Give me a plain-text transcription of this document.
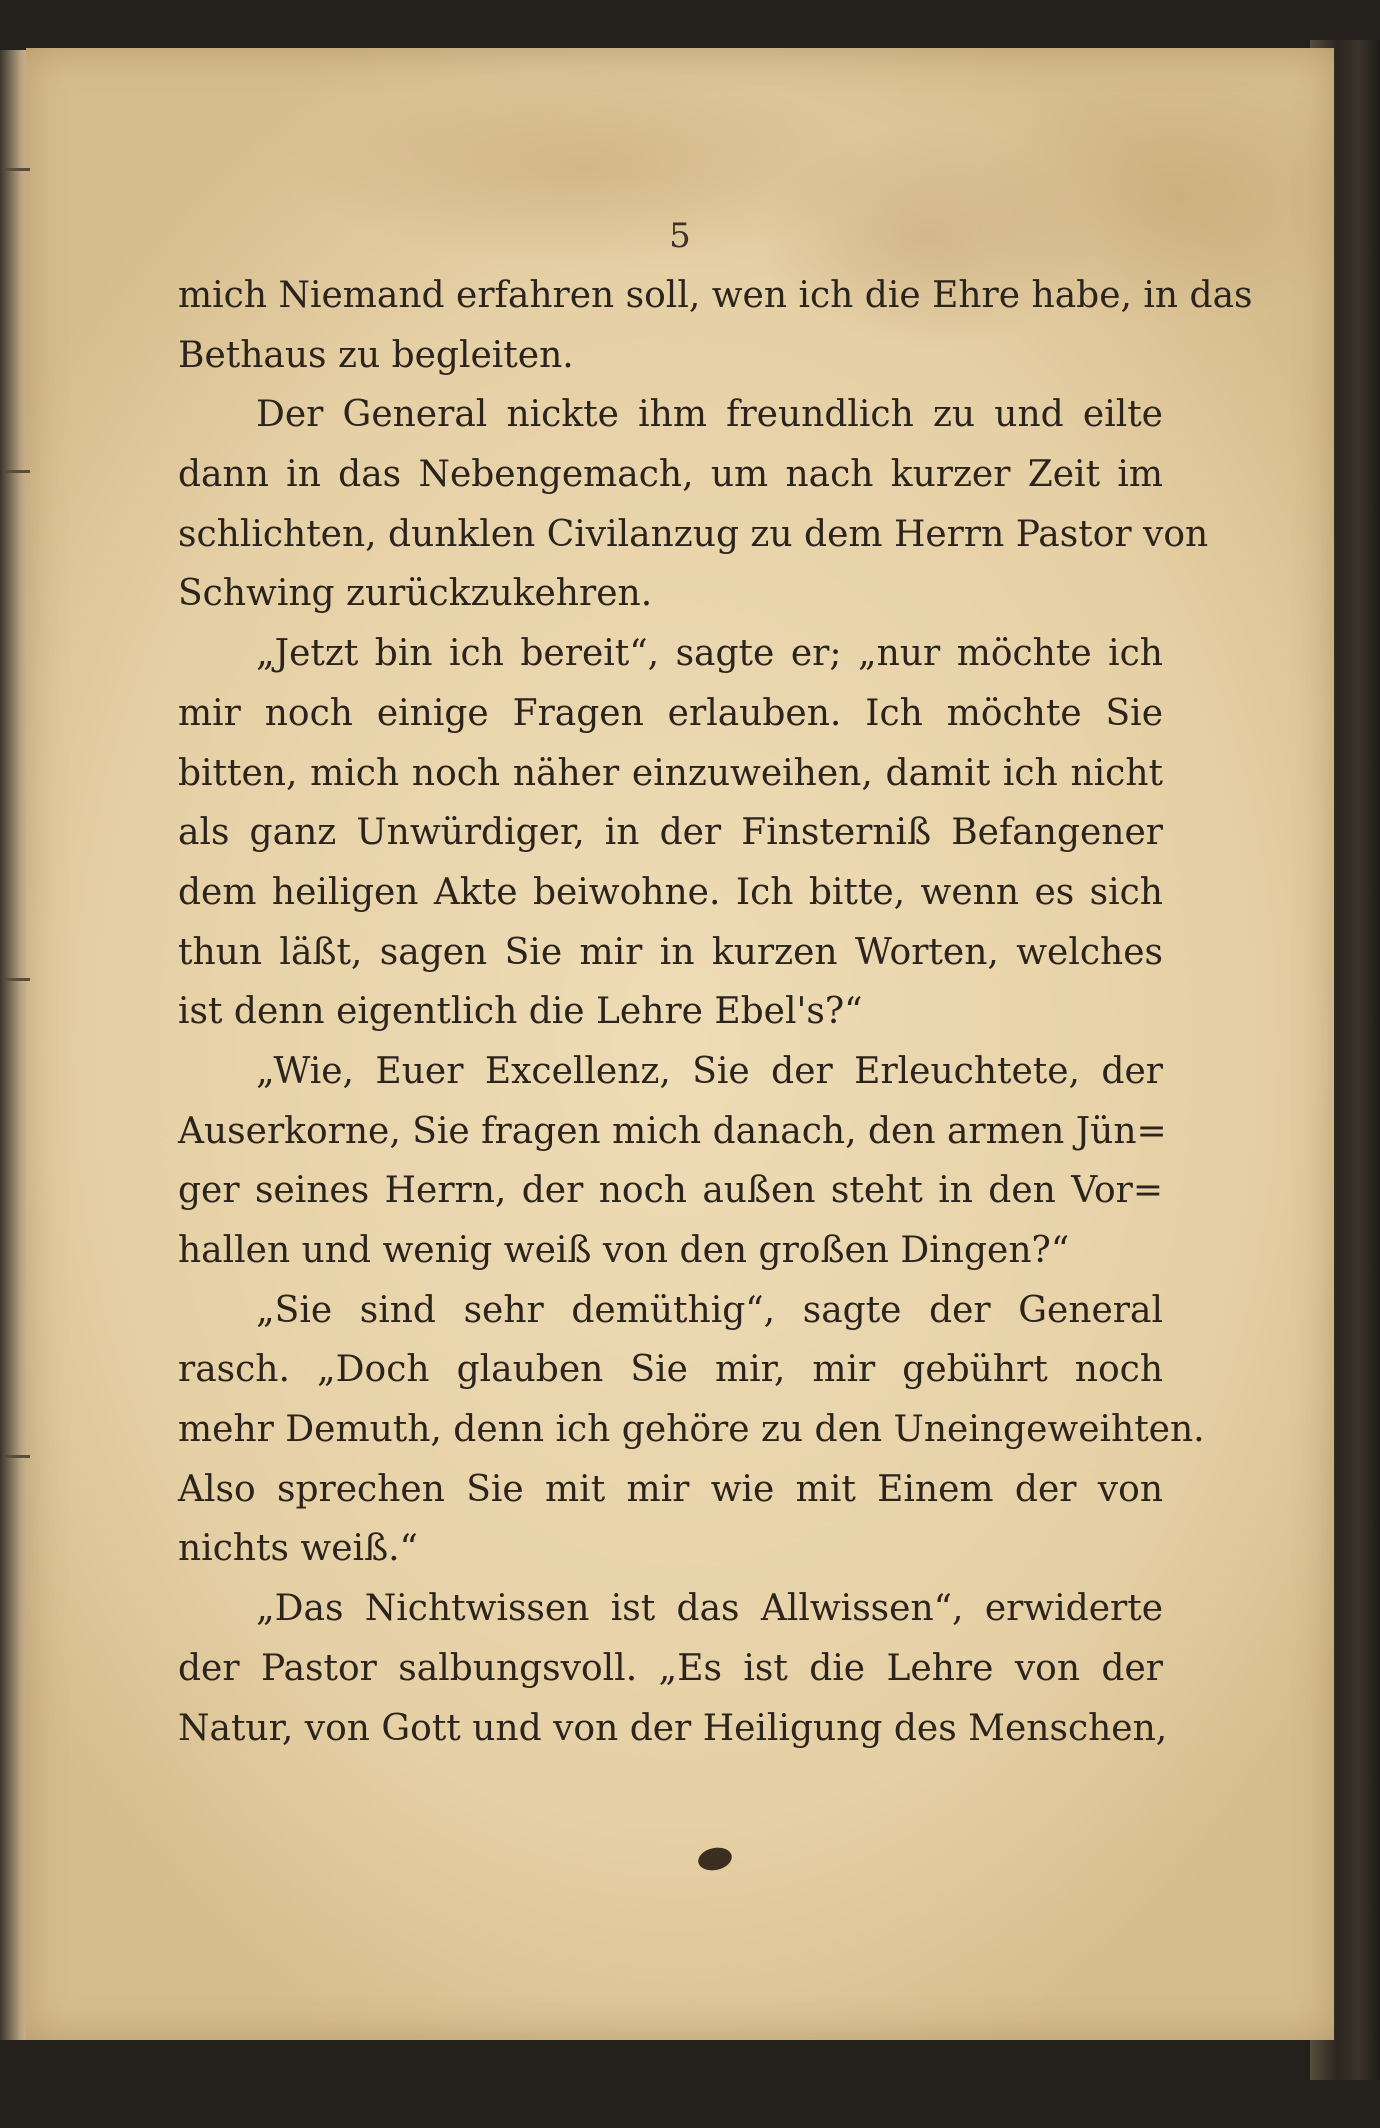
5
mich Niemand erfahren soll, wen ich die Ehre habe, in das
Bethaus zu begleiten.
Der General nickte ihm freundlich zu und eilte
dann in das Nebengemach, um nach kurzer Zeit im
schlichten, dunklen Civilanzug zu dem Herrn Pastor von
Schwing zurückzukehren.
„Jetzt bin ich bereit“, sagte er; „nur möchte ich
mir noch einige Fragen erlauben. Ich möchte Sie
bitten, mich noch näher einzuweihen, damit ich nicht
als ganz Unwürdiger, in der Finsterniß Befangener
dem heiligen Akte beiwohne. Ich bitte, wenn es sich
thun läßt, sagen Sie mir in kurzen Worten, welches
ist denn eigentlich die Lehre Ebel's?“
„Wie, Euer Excellenz, Sie der Erleuchtete, der
Auserkorne, Sie fragen mich danach, den armen Jün=
ger seines Herrn, der noch außen steht in den Vor=
hallen und wenig weiß von den großen Dingen?“
„Sie sind sehr demüthig“, sagte der General
rasch. „Doch glauben Sie mir, mir gebührt noch
mehr Demuth, denn ich gehöre zu den Uneingeweihten.
Also sprechen Sie mit mir wie mit Einem der von
nichts weiß.“
„Das Nichtwissen ist das Allwissen“, erwiderte
der Pastor salbungsvoll. „Es ist die Lehre von der
Natur, von Gott und von der Heiligung des Menschen,
